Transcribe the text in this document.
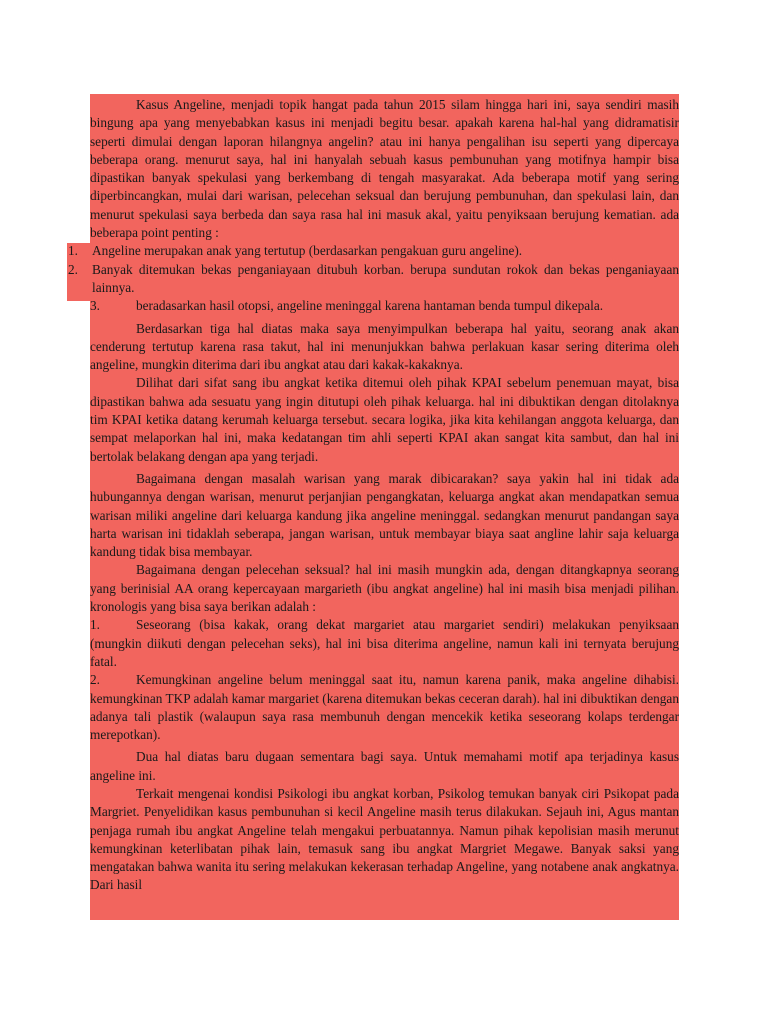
Kasus Angeline, menjadi topik hangat pada tahun 2015 silam hingga hari ini, saya sendiri masih bingung apa yang menyebabkan kasus ini menjadi begitu besar. apakah karena hal-hal yang didramatisir seperti dimulai dengan laporan hilangnya angelin? atau ini hanya pengalihan isu seperti yang dipercaya beberapa orang. menurut saya, hal ini hanyalah sebuah kasus pembunuhan yang motifnya hampir bisa dipastikan banyak spekulasi yang berkembang di tengah masyarakat. Ada beberapa motif yang sering diperbincangkan, mulai dari warisan, pelecehan seksual dan berujung pembunuhan, dan spekulasi lain, dan menurut spekulasi saya berbeda dan saya rasa hal ini masuk akal, yaitu penyiksaan berujung kematian. ada beberapa point penting :

1.	Angeline merupakan anak yang tertutup (berdasarkan pengakuan guru angeline).
2.	Banyak ditemukan bekas penganiayaan ditubuh korban. berupa sundutan rokok dan bekas penganiayaan lainnya.
3.	beradasarkan hasil otopsi, angeline meninggal karena hantaman benda tumpul dikepala.

Berdasarkan tiga hal diatas maka saya menyimpulkan beberapa hal yaitu, seorang anak akan cenderung tertutup karena rasa takut, hal ini menunjukkan bahwa perlakuan kasar sering diterima oleh angeline, mungkin diterima dari ibu angkat atau dari kakak-kakaknya.

Dilihat dari sifat sang ibu angkat ketika ditemui oleh pihak KPAI sebelum penemuan mayat, bisa dipastikan bahwa ada sesuatu yang ingin ditutupi oleh pihak keluarga. hal ini dibuktikan dengan ditolaknya tim KPAI ketika datang kerumah keluarga tersebut. secara logika, jika kita kehilangan anggota keluarga, dan sempat melaporkan hal ini, maka kedatangan tim ahli seperti KPAI akan sangat kita sambut, dan hal ini bertolak belakang dengan apa yang terjadi.

Bagaimana dengan masalah warisan yang marak dibicarakan? saya yakin hal ini tidak ada hubungannya dengan warisan, menurut perjanjian pengangkatan, keluarga angkat akan mendapatkan semua warisan miliki angeline dari keluarga kandung jika angeline meninggal. sedangkan menurut pandangan saya harta warisan ini tidaklah seberapa, jangan warisan, untuk membayar biaya saat angline lahir saja keluarga kandung tidak bisa membayar.

Bagaimana dengan pelecehan seksual? hal ini masih mungkin ada, dengan ditangkapnya seorang yang berinisial AA orang kepercayaan margarieth (ibu angkat angeline) hal ini masih bisa menjadi pilihan. kronologis yang bisa saya berikan adalah :

1.	Seseorang (bisa kakak, orang dekat margariet atau margariet sendiri) melakukan penyiksaan (mungkin diikuti dengan pelecehan seks), hal ini bisa diterima angeline, namun kali ini ternyata berujung fatal.

2.	Kemungkinan angeline belum meninggal saat itu, namun karena panik, maka angeline dihabisi. kemungkinan TKP adalah kamar margariet (karena ditemukan bekas ceceran darah). hal ini dibuktikan dengan adanya tali plastik (walaupun saya rasa membunuh dengan mencekik ketika seseorang kolaps terdengar merepotkan).

Dua hal diatas baru dugaan sementara bagi saya. Untuk memahami motif apa terjadinya kasus angeline ini.

Terkait mengenai kondisi Psikologi ibu angkat korban, Psikolog temukan banyak ciri Psikopat pada Margriet. Penyelidikan kasus pembunuhan si kecil Angeline masih terus dilakukan. Sejauh ini, Agus mantan penjaga rumah ibu angkat Angeline telah mengakui perbuatannya. Namun pihak kepolisian masih merunut kemungkinan keterlibatan pihak lain, temasuk sang ibu angkat Margriet Megawe. Banyak saksi yang mengatakan bahwa wanita itu sering melakukan kekerasan terhadap Angeline, yang notabene anak angkatnya. Dari hasil
